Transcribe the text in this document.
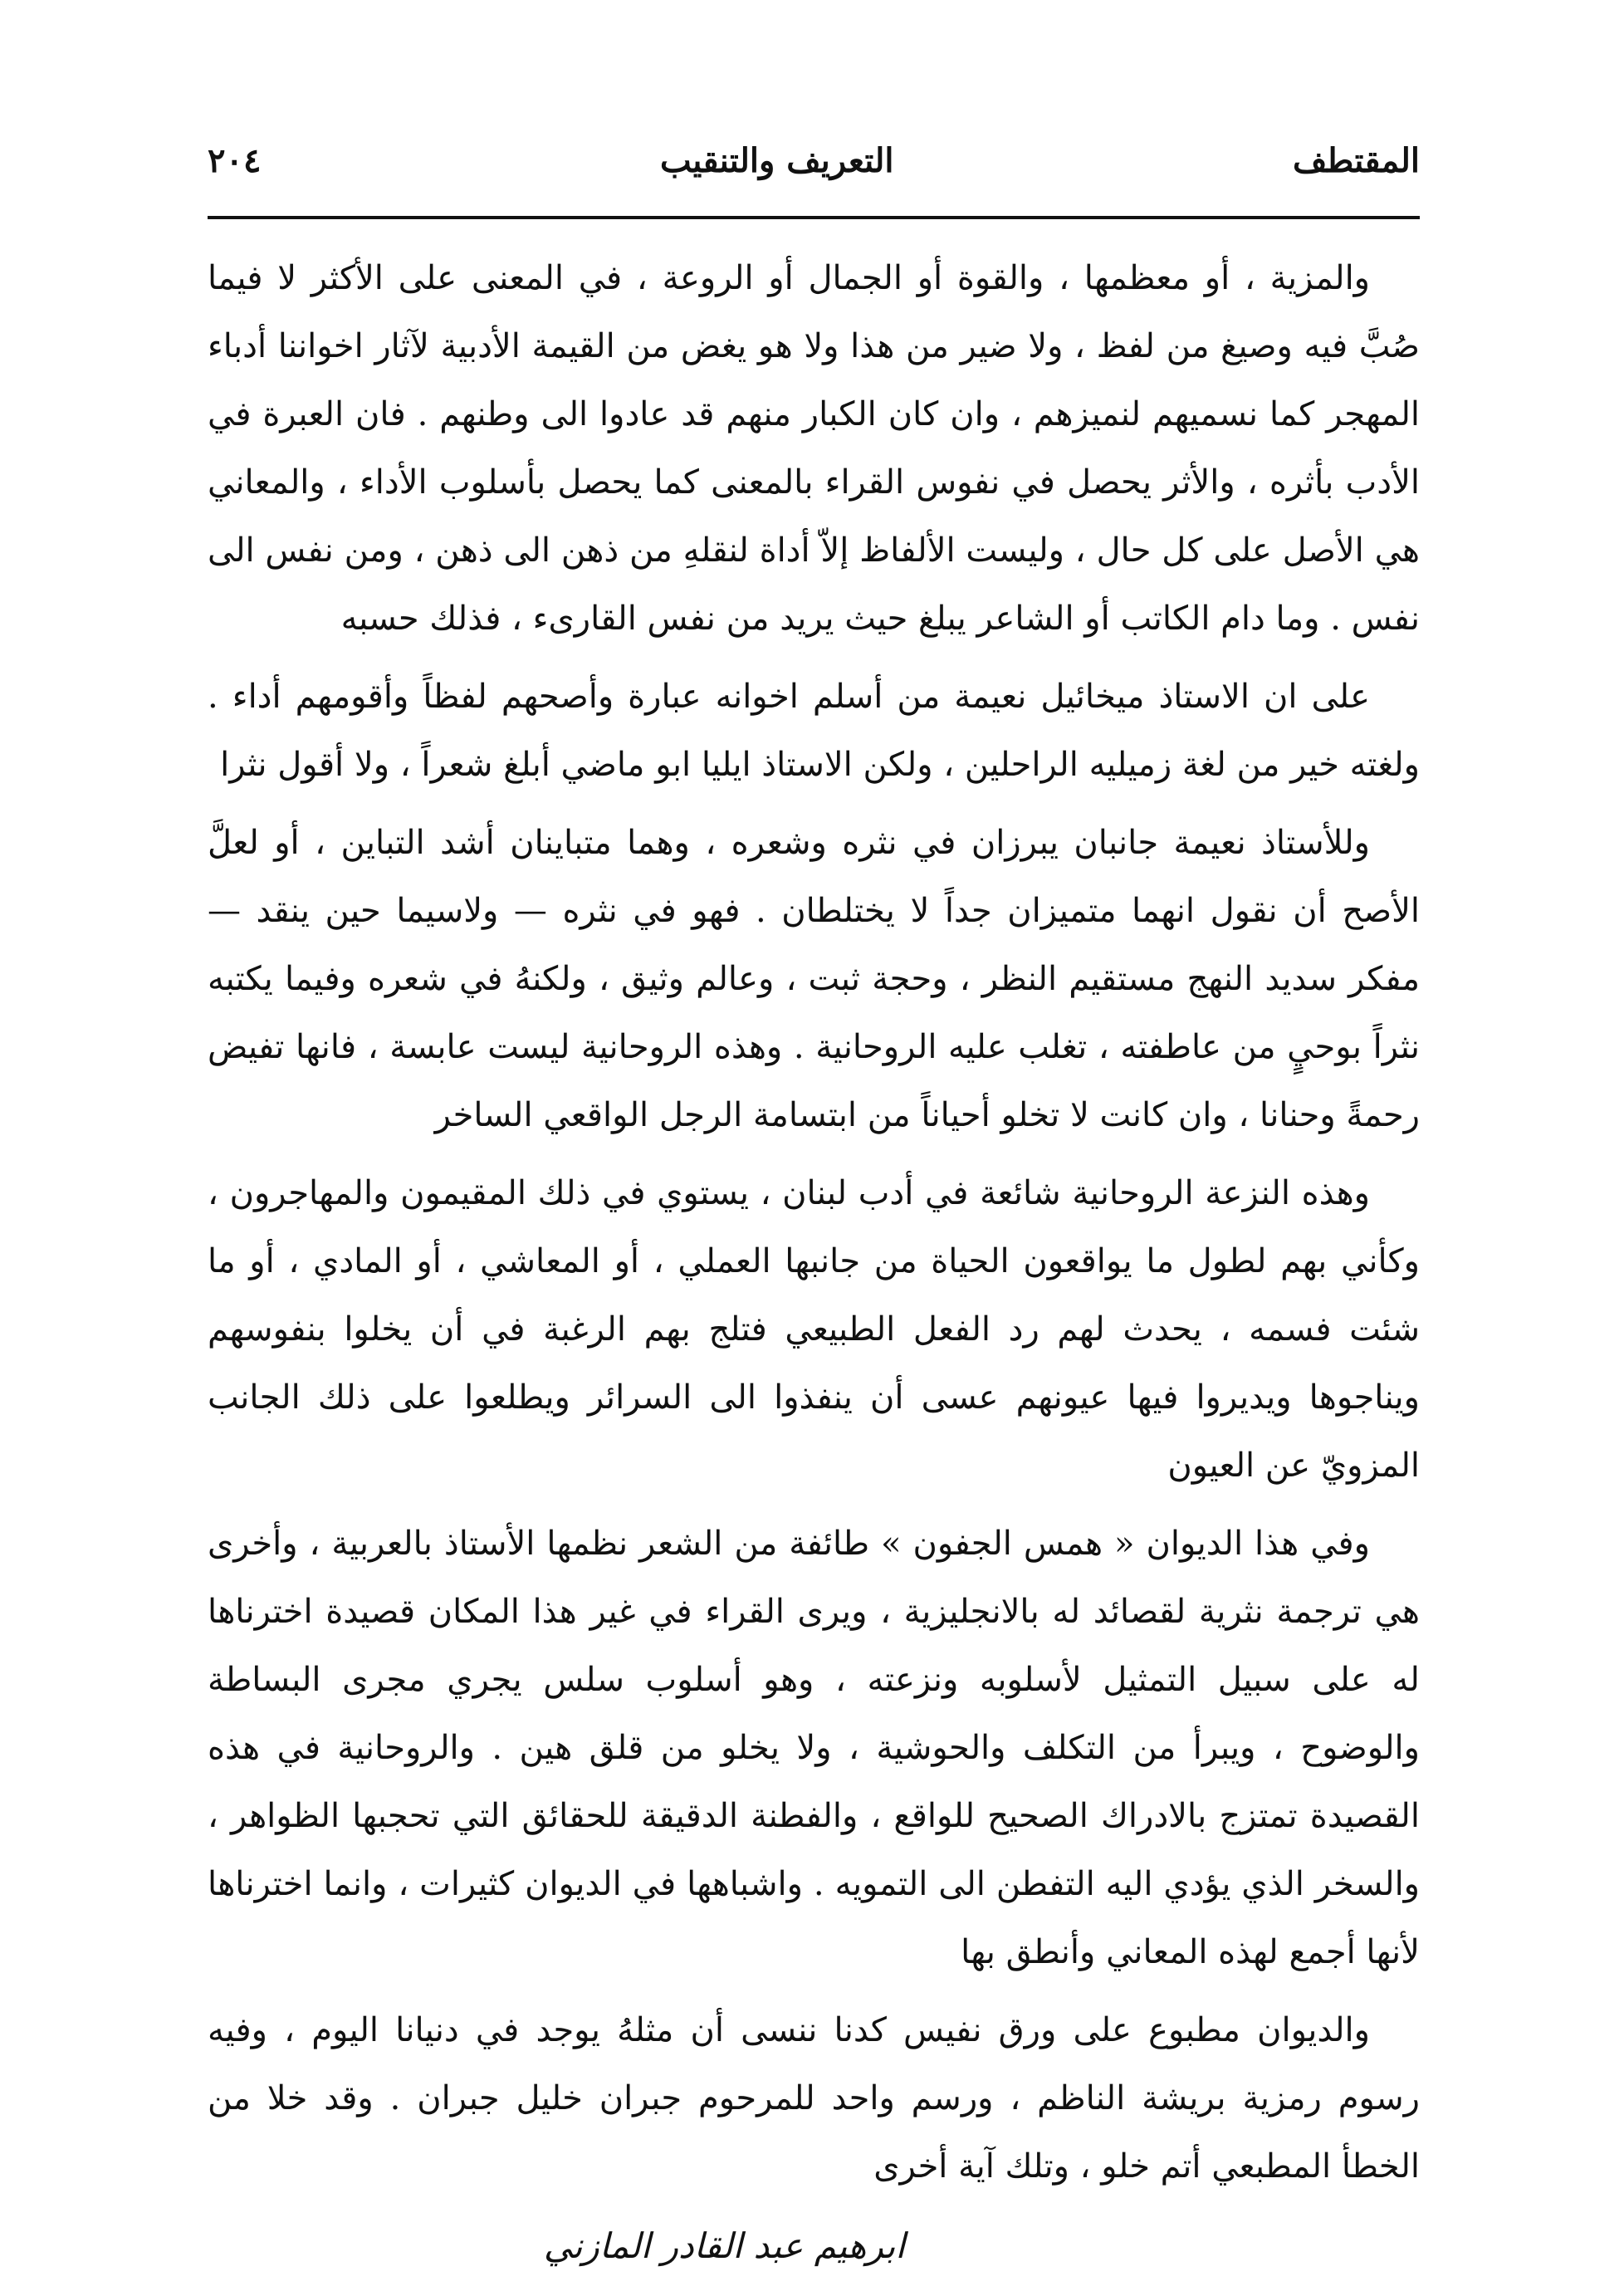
المقتطف
التعريف والتنقيب
٢٠٤

والمزية ، أو معظمها ، والقوة أو الجمال أو الروعة ، في المعنى على الأكثر لا فيما صُبَّ فيه وصيغ من لفظ ، ولا ضير من هذا ولا هو يغض من القيمة الأدبية لآثار اخواننا أدباء المهجر كما نسميهم لنميزهم ، وان كان الكبار منهم قد عادوا الى وطنهم . فان العبرة في الأدب بأثره ، والأثر يحصل في نفوس القراء بالمعنى كما يحصل بأسلوب الأداء ، والمعاني هي الأصل على كل حال ، وليست الألفاظ إلاّ أداة لنقلهِ من ذهن الى ذهن ، ومن نفس الى نفس . وما دام الكاتب أو الشاعر يبلغ حيث يريد من نفس القارىء ، فذلك حسبه

على ان الاستاذ ميخائيل نعيمة من أسلم اخوانه عبارة وأصحهم لفظاً وأقومهم أداء . ولغته خير من لغة زميليه الراحلين ، ولكن الاستاذ ايليا ابو ماضي أبلغ شعراً ، ولا أقول نثرا

وللأستاذ نعيمة جانبان يبرزان في نثره وشعره ، وهما متباينان أشد التباين ، أو لعلَّ الأصح أن نقول انهما متميزان جداً لا يختلطان . فهو في نثره — ولاسيما حين ينقد — مفكر سديد النهج مستقيم النظر ، وحجة ثبت ، وعالم وثيق ، ولكنهُ في شعره وفيما يكتبه نثراً بوحيٍ من عاطفته ، تغلب عليه الروحانية . وهذه الروحانية ليست عابسة ، فانها تفيض رحمةً وحنانا ، وان كانت لا تخلو أحياناً من ابتسامة الرجل الواقعي الساخر

وهذه النزعة الروحانية شائعة في أدب لبنان ، يستوي في ذلك المقيمون والمهاجرون ، وكأني بهم لطول ما يواقعون الحياة من جانبها العملي ، أو المعاشي ، أو المادي ، أو ما شئت فسمه ، يحدث لهم رد الفعل الطبيعي فتلج بهم الرغبة في أن يخلوا بنفوسهم ويناجوها ويديروا فيها عيونهم عسى أن ينفذوا الى السرائر ويطلعوا على ذلك الجانب المزويّ عن العيون

وفي هذا الديوان « همس الجفون » طائفة من الشعر نظمها الأستاذ بالعربية ، وأخرى هي ترجمة نثرية لقصائد له بالانجليزية ، ويرى القراء في غير هذا المكان قصيدة اخترناها له على سبيل التمثيل لأسلوبه ونزعته ، وهو أسلوب سلس يجري مجرى البساطة والوضوح ، ويبرأ من التكلف والحوشية ، ولا يخلو من قلق هين . والروحانية في هذه القصيدة تمتزج بالادراك الصحيح للواقع ، والفطنة الدقيقة للحقائق التي تحجبها الظواهر ، والسخر الذي يؤدي اليه التفطن الى التمويه . واشباهها في الديوان كثيرات ، وانما اخترناها لأنها أجمع لهذه المعاني وأنطق بها

والديوان مطبوع على ورق نفيس كدنا ننسى أن مثلهُ يوجد في دنيانا اليوم ، وفيه رسوم رمزية بريشة الناظم ، ورسم واحد للمرحوم جبران خليل جبران . وقد خلا من الخطأ المطبعي أتم خلو ، وتلك آية أخرى

ابرهيم عبد القادر المازني
